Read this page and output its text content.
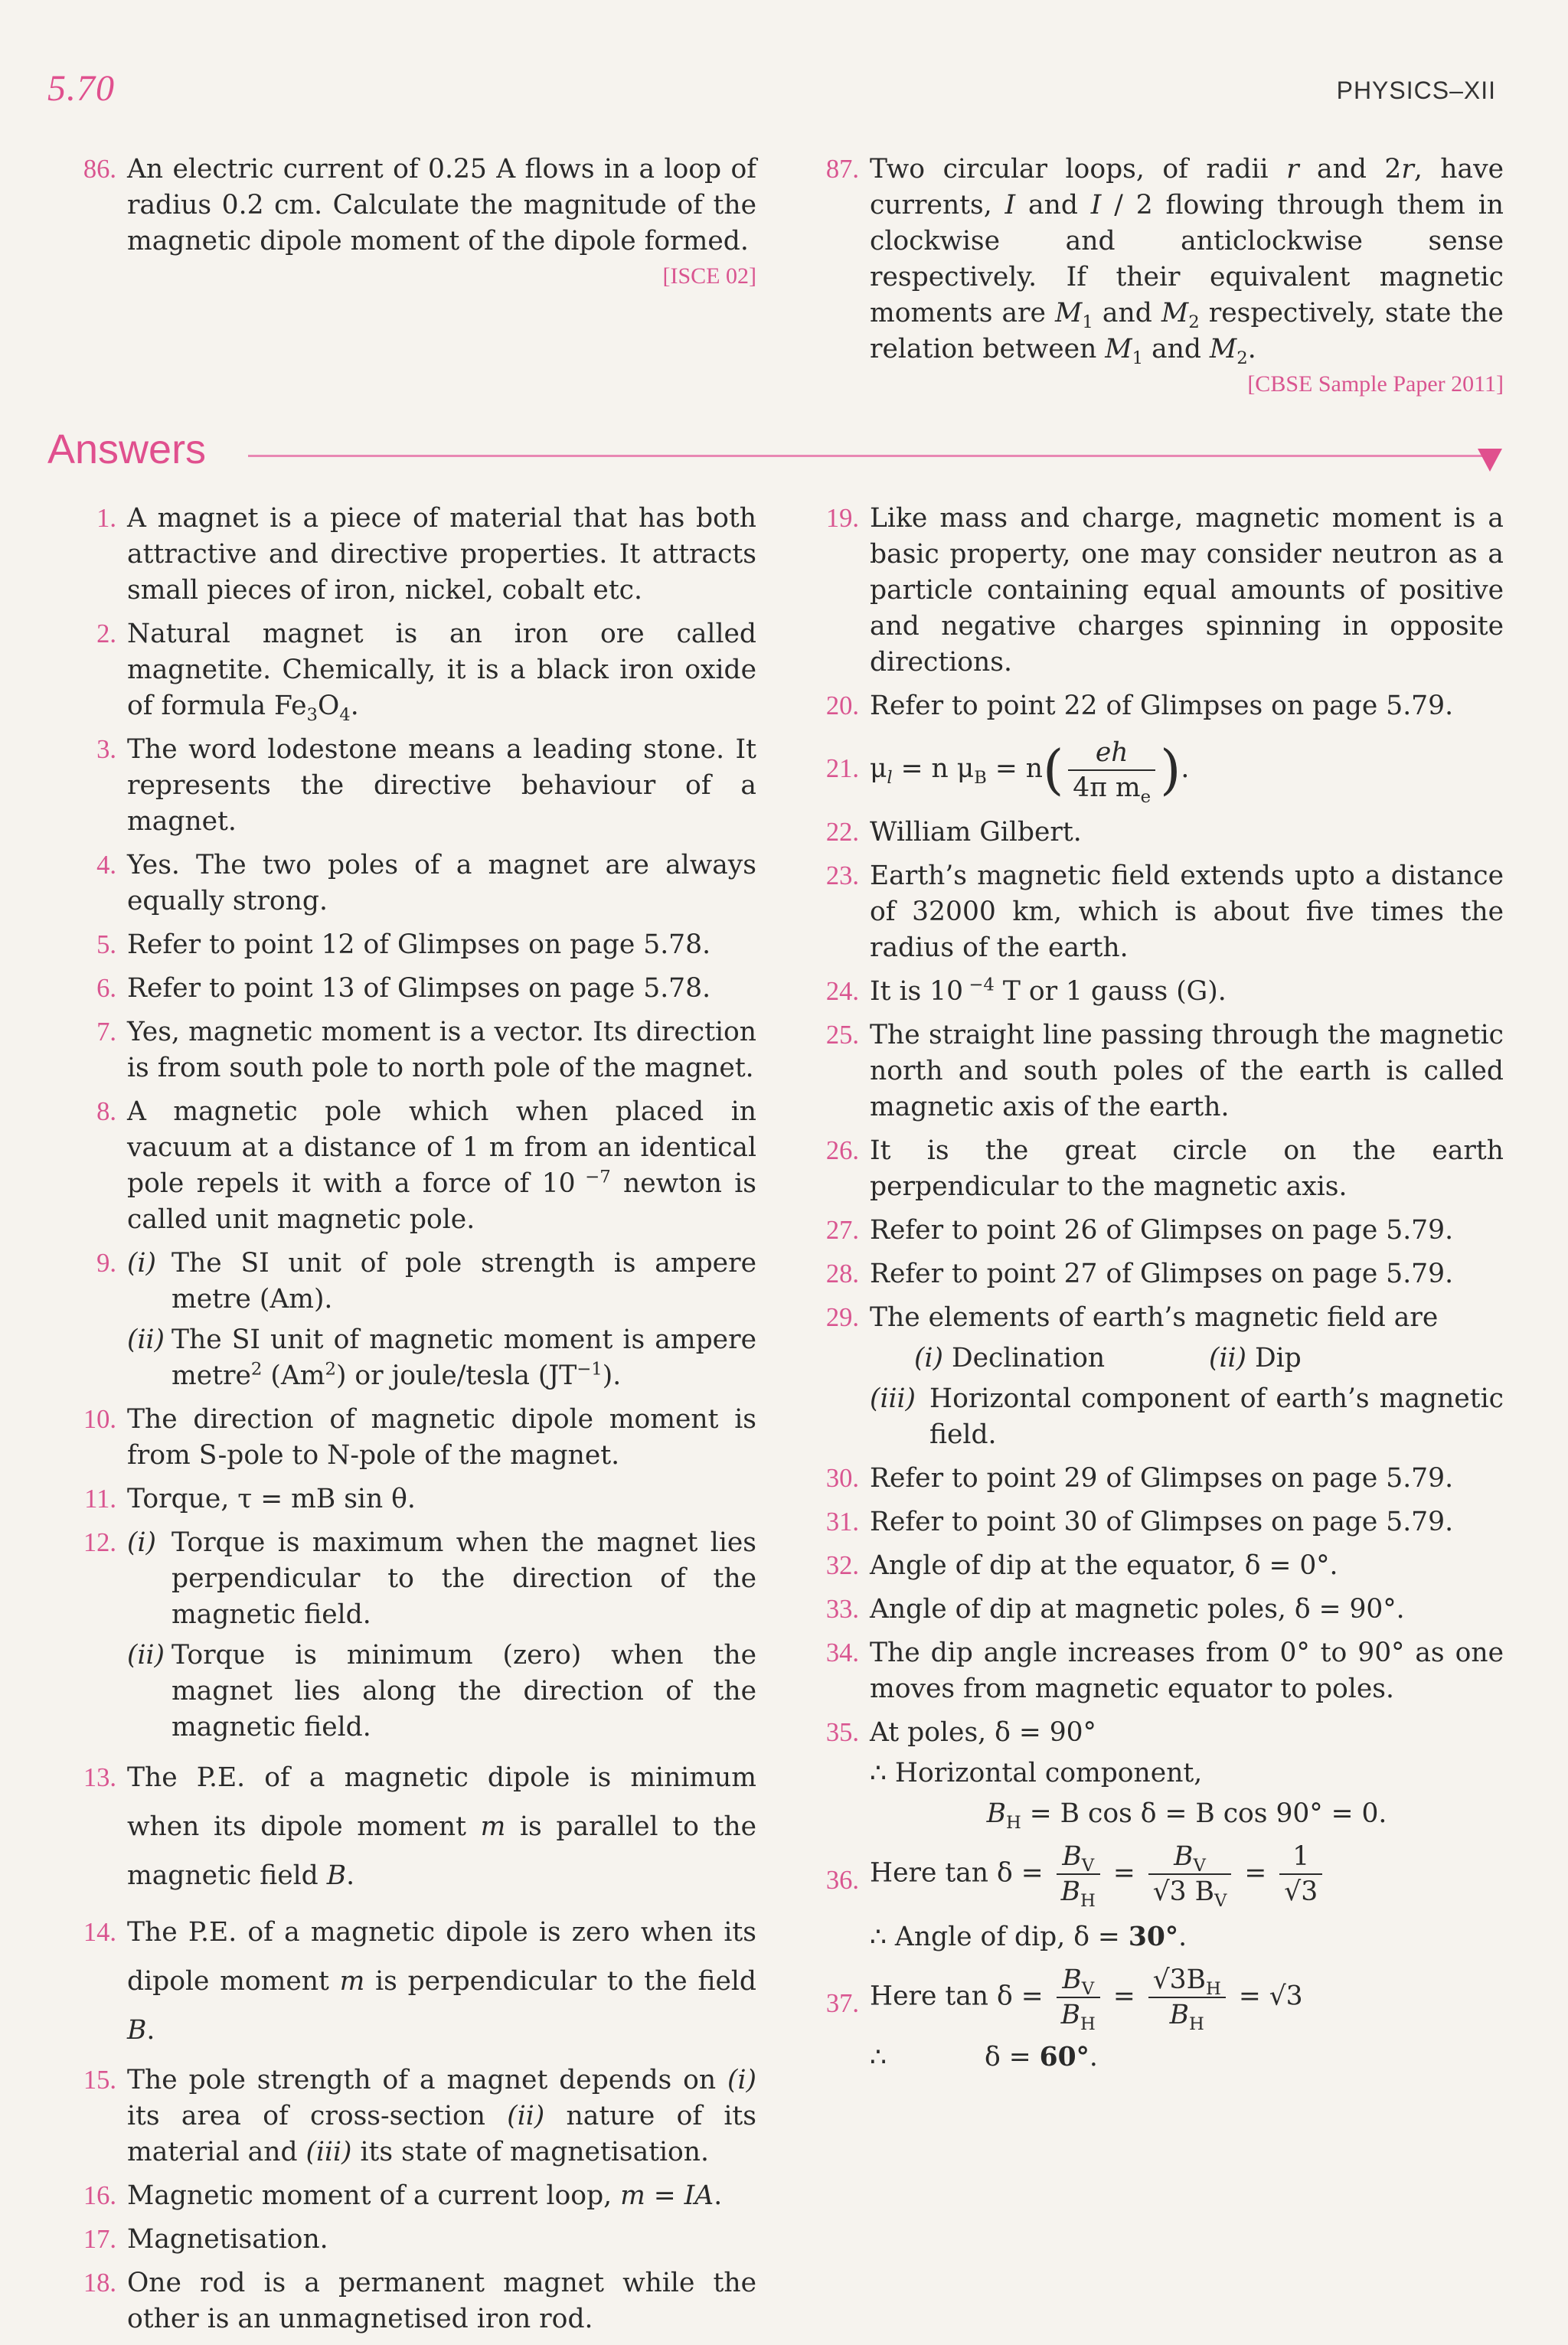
5.70	PHYSICS–XII
86. An electric current of 0.25 A flows in a loop of radius 0.2 cm. Calculate the magnitude of the magnetic dipole moment of the dipole formed.
[ISCE 02]
87. Two circular loops, of radii r and 2r, have currents, I and I / 2 flowing through them in clockwise and anticlockwise sense respectively. If their equivalent magnetic moments are $M_1$ and $M_2$ respectively, state the relation between $M_1$ and $M_2$.
[CBSE Sample Paper 2011]
Answers
1. A magnet is a piece of material that has both attractive and directive properties. It attracts small pieces of iron, nickel, cobalt etc.
2. Natural magnet is an iron ore called magnetite. Chemically, it is a black iron oxide of formula $Fe_3O_4$.
3. The word lodestone means a leading stone. It represents the directive behaviour of a magnet.
4. Yes. The two poles of a magnet are always equally strong.
5. Refer to point 12 of Glimpses on page 5.78.
6. Refer to point 13 of Glimpses on page 5.78.
7. Yes, magnetic moment is a vector. Its direction is from south pole to north pole of the magnet.
8. A magnetic pole which when placed in vacuum at a distance of 1 m from an identical pole repels it with a force of 10 $^{-7}$ newton is called unit magnetic pole.
9. (i) The SI unit of pole strength is ampere metre (Am).
(ii) The SI unit of magnetic moment is ampere metre$^2$ (Am$^2$) or joule/tesla $(JT^{-1})$.
10. The direction of magnetic dipole moment is from S-pole to N-pole of the magnet.
11. Torque, τ = mB sin θ.
12. (i) Torque is maximum when the magnet lies perpendicular to the direction of the magnetic field.
(ii) Torque is minimum (zero) when the magnet lies along the direction of the magnetic field.
13. The P.E. of a magnetic dipole is minimum when its dipole moment m is parallel to the magnetic field B.
14. The P.E. of a magnetic dipole is zero when its dipole moment m is perpendicular to the field B.
15. The pole strength of a magnet depends on (i) its area of cross-section (ii) nature of its material and (iii) its state of magnetisation.
16. Magnetic moment of a current loop, m = IA.
17. Magnetisation.
18. One rod is a permanent magnet while the other is an unmagnetised iron rod.
19. Like mass and charge, magnetic moment is a basic property, one may consider neutron as a particle containing equal amounts of positive and negative charges spinning in opposite directions.
20. Refer to point 22 of Glimpses on page 5.79.
21. $\mu_l = n$ $\mu_B = n( \frac{eh}{4\pi m_e}$ ).
22. William Gilbert.
23. Earth’s magnetic field extends upto a distance of 32000 km, which is about five times the radius of the earth.
24. It is 10 $^{-4}$ T or 1 gauss (G).
25. The straight line passing through the magnetic north and south poles of the earth is called magnetic axis of the earth.
26. It is the great circle on the earth perpendicular to the magnetic axis.
27. Refer to point 26 of Glimpses on page 5.79.
28. Refer to point 27 of Glimpses on page 5.79.
29. The elements of earth’s magnetic field are
(i) Declination	(ii) Dip
(iii) Horizontal component of earth’s magnetic field.
30. Refer to point 29 of Glimpses on page 5.79.
31. Refer to point 30 of Glimpses on page 5.79.
32. Angle of dip at the equator, δ = 0°.
33. Angle of dip at magnetic poles, δ = 90°.
34. The dip angle increases from 0° to 90° as one moves from magnetic equator to poles.
35. At poles, δ = 90°
∴ Horizontal component,
$B_H = B$ cos δ = B cos 90° = 0.
36. Here $\tan \delta = \frac{B_V}{B_H} = \frac{B_V}{√3 B_V} = \frac{1}{√3}$
∴ Angle of dip, δ = 30°.
37. Here $\tan \delta = \frac{B_V}{B_H} = \frac{√3B_H}{B_H} = √3$
∴	δ = 60°.
